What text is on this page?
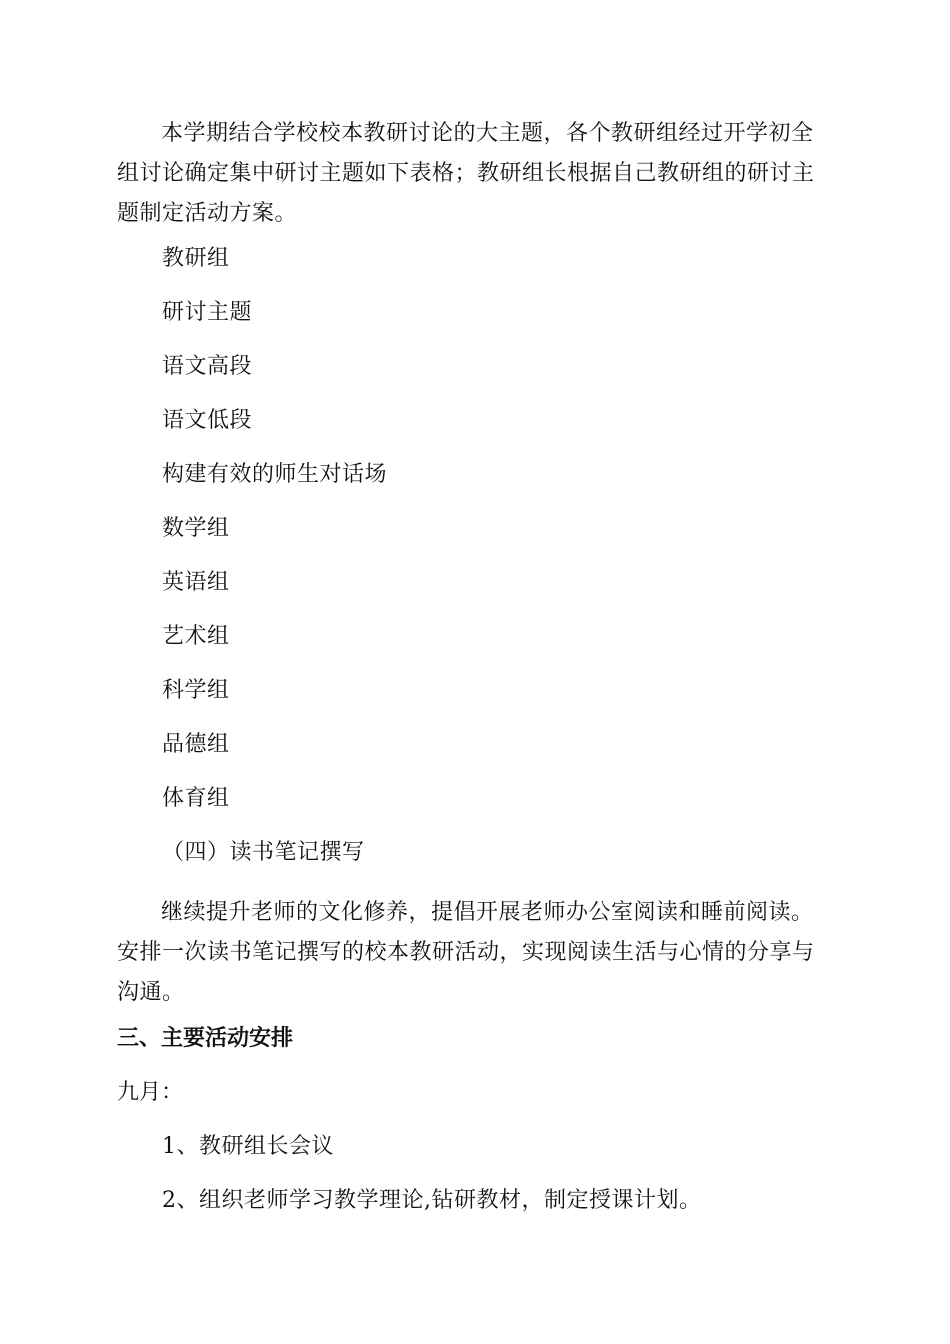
本学期结合学校校本教研讨论的大主题，各个教研组经过开学初全组讨论确定集中研讨主题如下表格；教研组长根据自己教研组的研讨主题制定活动方案。

教研组

研讨主题

语文高段

语文低段

构建有效的师生对话场

数学组

英语组

艺术组

科学组

品德组

体育组

（四）读书笔记撰写

继续提升老师的文化修养，提倡开展老师办公室阅读和睡前阅读。安排一次读书笔记撰写的校本教研活动，实现阅读生活与心情的分享与沟通。

三、主要活动安排

九月：

1、教研组长会议

2、组织老师学习教学理论,钻研教材，制定授课计划。
